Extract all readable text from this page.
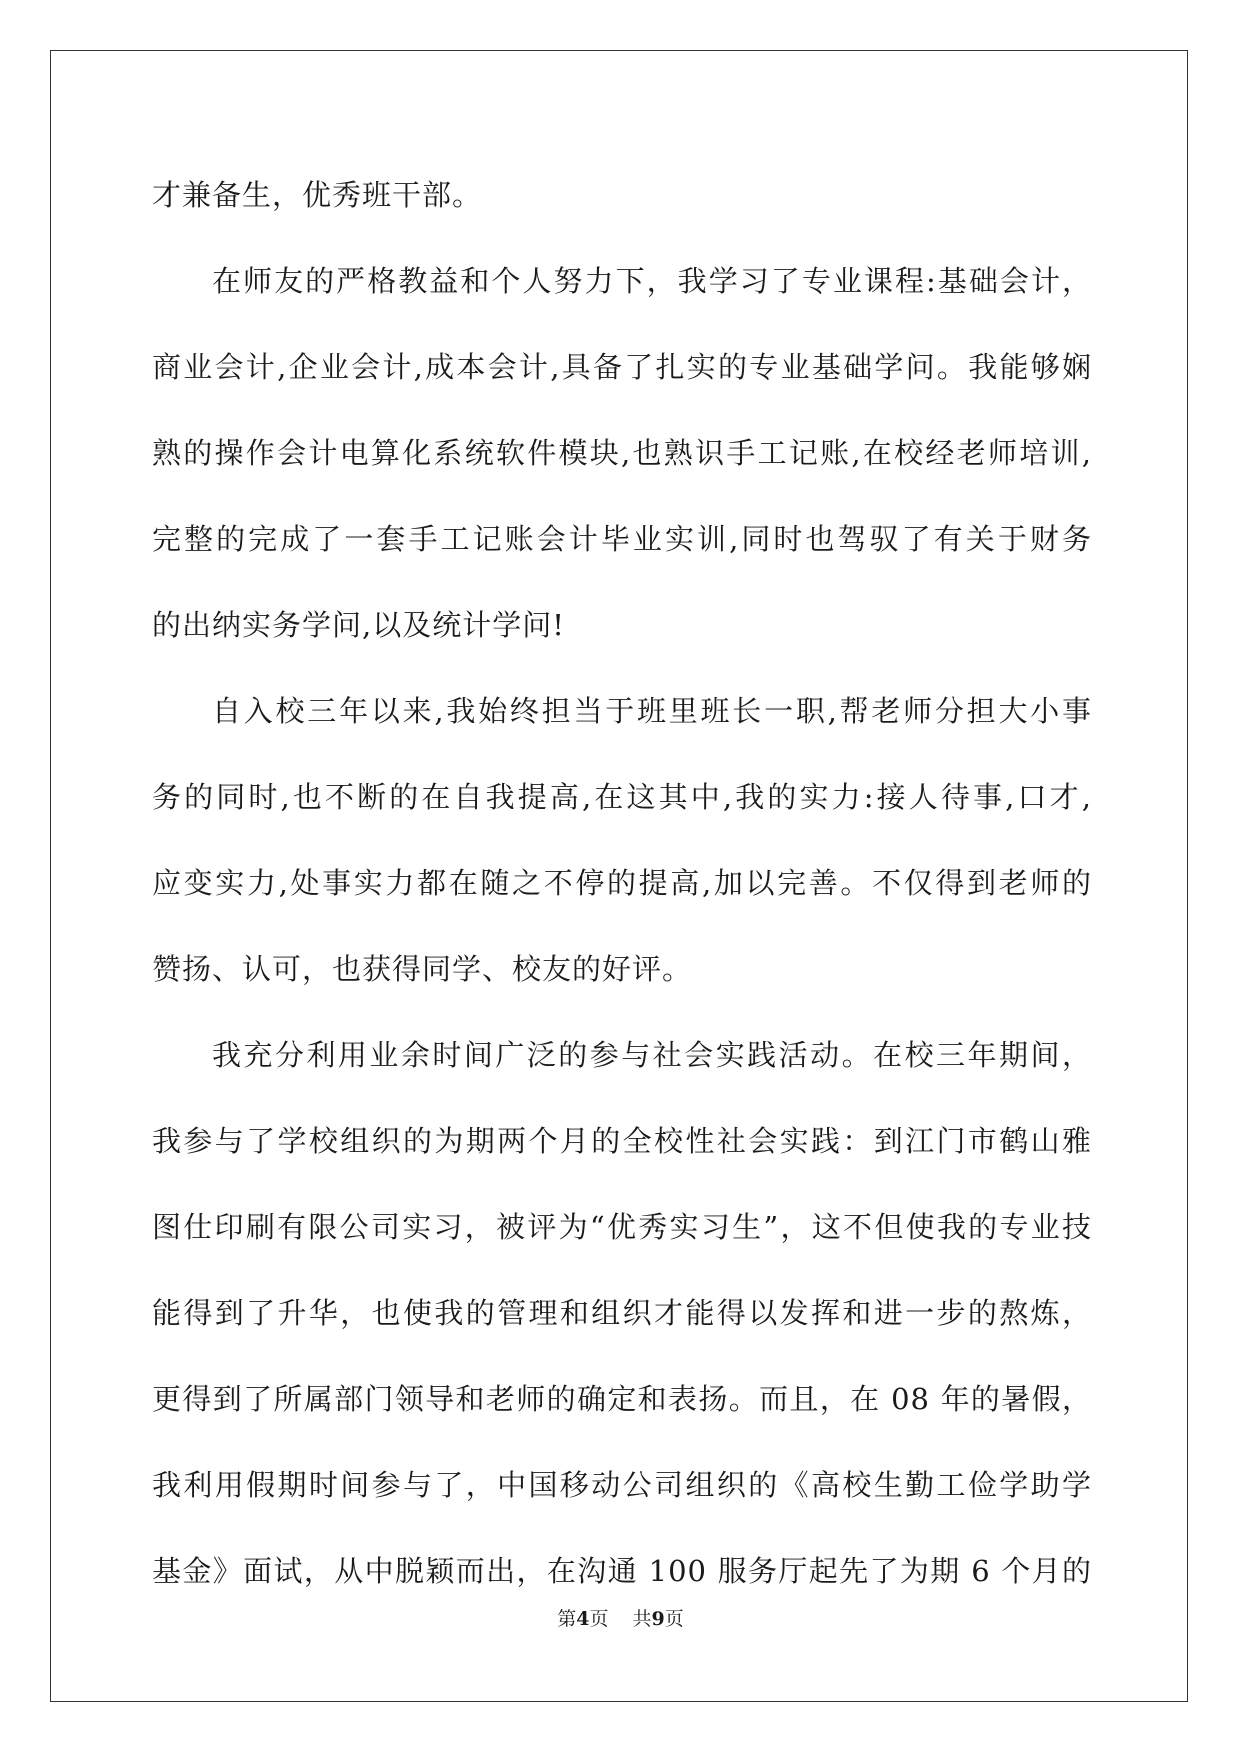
才兼备生，优秀班干部。
在师友的严格教益和个人努力下，我学习了专业课程:基础会计，
商业会计,企业会计,成本会计,具备了扎实的专业基础学问。我能够娴
熟的操作会计电算化系统软件模块,也熟识手工记账,在校经老师培训,
完整的完成了一套手工记账会计毕业实训,同时也驾驭了有关于财务
的出纳实务学问,以及统计学问!
自入校三年以来,我始终担当于班里班长一职,帮老师分担大小事
务的同时,也不断的在自我提高,在这其中,我的实力:接人待事,口才,
应变实力,处事实力都在随之不停的提高,加以完善。不仅得到老师的
赞扬、认可，也获得同学、校友的好评。
我充分利用业余时间广泛的参与社会实践活动。在校三年期间，
我参与了学校组织的为期两个月的全校性社会实践：到江门市鹤山雅
图仕印刷有限公司实习，被评为“优秀实习生”，这不但使我的专业技
能得到了升华，也使我的管理和组织才能得以发挥和进一步的熬炼，
更得到了所属部门领导和老师的确定和表扬。而且，在 08 年的暑假，
我利用假期时间参与了，中国移动公司组织的《高校生勤工俭学助学
基金》面试，从中脱颖而出，在沟通 100 服务厅起先了为期 6 个月的
第4页 共9页
